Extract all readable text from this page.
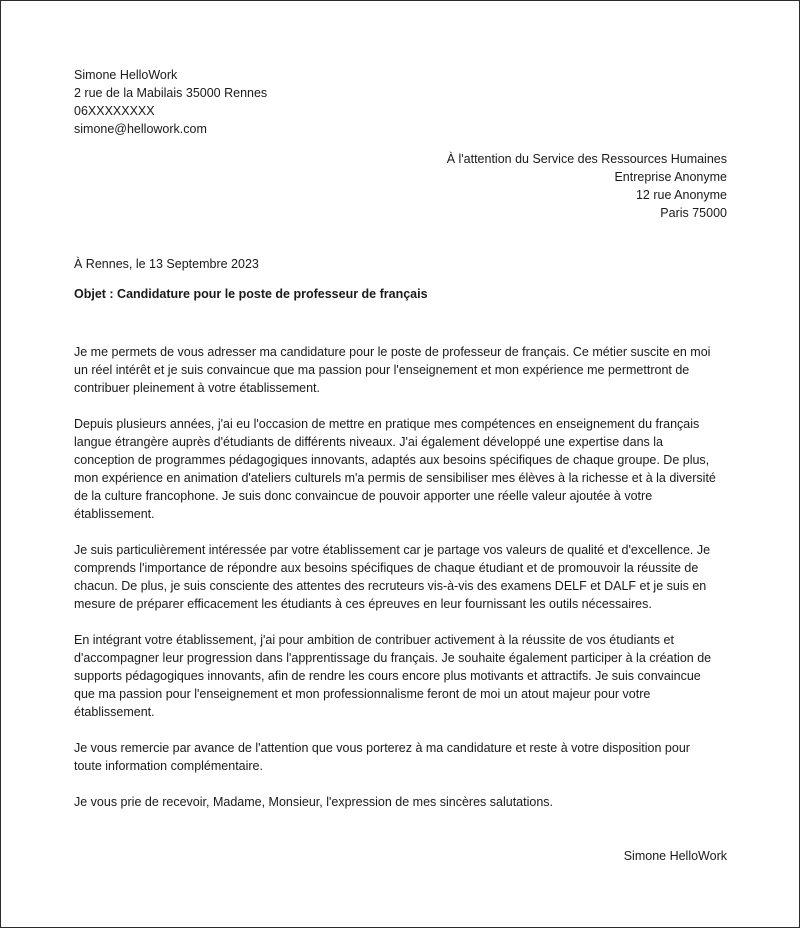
Simone HelloWork
2 rue de la Mabilais 35000 Rennes
06XXXXXXXX
simone@hellowork.com
À l'attention du Service des Ressources Humaines
Entreprise Anonyme
12 rue Anonyme
Paris 75000
À Rennes, le 13 Septembre 2023
Objet : Candidature pour le poste de professeur de français

Je me permets de vous adresser ma candidature pour le poste de professeur de français. Ce métier suscite en moi
un réel intérêt et je suis convaincue que ma passion pour l'enseignement et mon expérience me permettront de
contribuer pleinement à votre établissement.

Depuis plusieurs années, j'ai eu l'occasion de mettre en pratique mes compétences en enseignement du français
langue étrangère auprès d'étudiants de différents niveaux. J'ai également développé une expertise dans la
conception de programmes pédagogiques innovants, adaptés aux besoins spécifiques de chaque groupe. De plus,
mon expérience en animation d'ateliers culturels m'a permis de sensibiliser mes élèves à la richesse et à la diversité
de la culture francophone. Je suis donc convaincue de pouvoir apporter une réelle valeur ajoutée à votre
établissement.

Je suis particulièrement intéressée par votre établissement car je partage vos valeurs de qualité et d'excellence. Je
comprends l'importance de répondre aux besoins spécifiques de chaque étudiant et de promouvoir la réussite de
chacun. De plus, je suis consciente des attentes des recruteurs vis-à-vis des examens DELF et DALF et je suis en
mesure de préparer efficacement les étudiants à ces épreuves en leur fournissant les outils nécessaires.

En intégrant votre établissement, j'ai pour ambition de contribuer activement à la réussite de vos étudiants et
d'accompagner leur progression dans l'apprentissage du français. Je souhaite également participer à la création de
supports pédagogiques innovants, afin de rendre les cours encore plus motivants et attractifs. Je suis convaincue
que ma passion pour l'enseignement et mon professionnalisme feront de moi un atout majeur pour votre
établissement.

Je vous remercie par avance de l'attention que vous porterez à ma candidature et reste à votre disposition pour
toute information complémentaire.

Je vous prie de recevoir, Madame, Monsieur, l'expression de mes sincères salutations.

Simone HelloWork
